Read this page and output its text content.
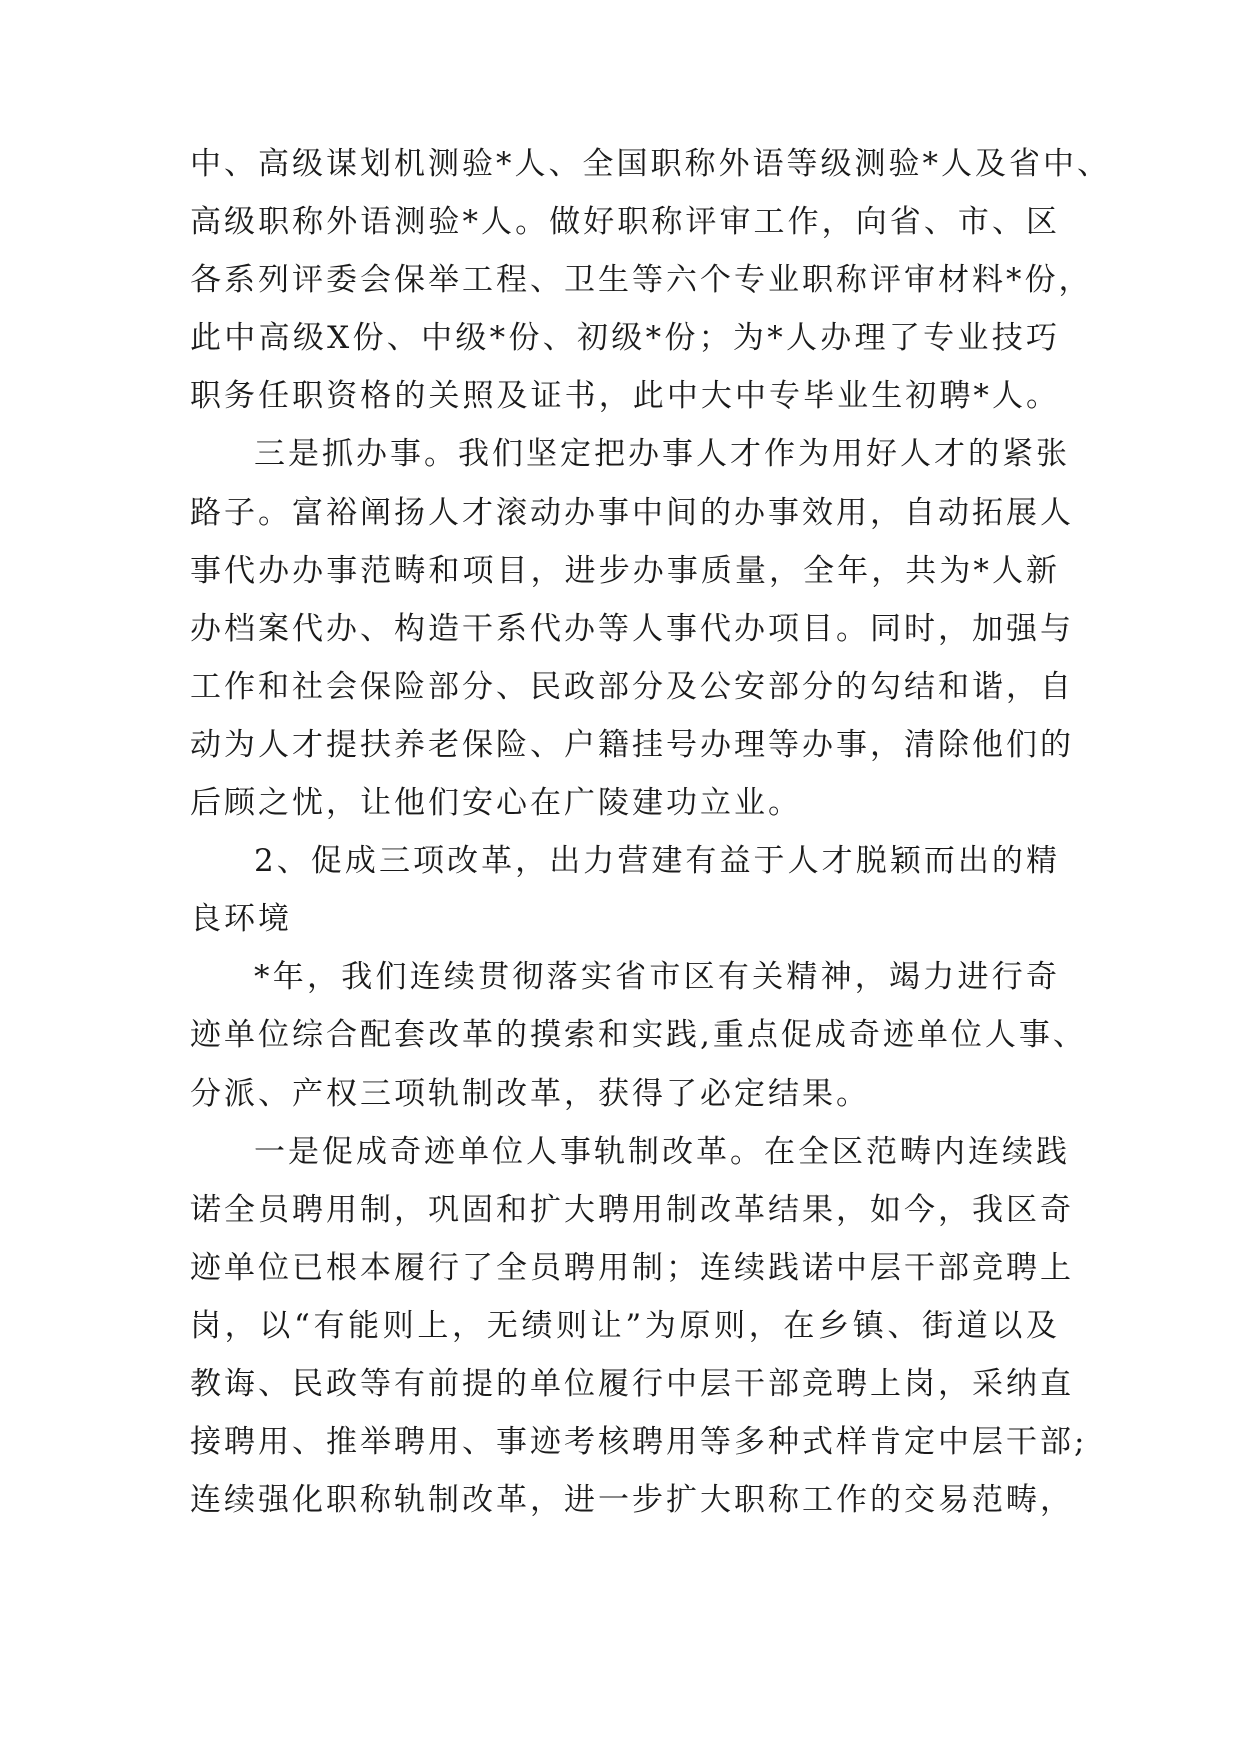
中、高级谋划机测验*人、全国职称外语等级测验*人及省中、
高级职称外语测验*人。做好职称评审工作，向省、市、区
各系列评委会保举工程、卫生等六个专业职称评审材料*份，
此中高级X份、中级*份、初级*份；为*人办理了专业技巧
职务任职资格的关照及证书，此中大中专毕业生初聘*人。
三是抓办事。我们坚定把办事人才作为用好人才的紧张
路子。富裕阐扬人才滚动办事中间的办事效用，自动拓展人
事代办办事范畴和项目，进步办事质量，全年，共为*人新
办档案代办、构造干系代办等人事代办项目。同时，加强与
工作和社会保险部分、民政部分及公安部分的勾结和谐，自
动为人才提扶养老保险、户籍挂号办理等办事，清除他们的
后顾之忧，让他们安心在广陵建功立业。
2、促成三项改革，出力营建有益于人才脱颖而出的精
良环境
*年，我们连续贯彻落实省市区有关精神，竭力进行奇
迹单位综合配套改革的摸索和实践,重点促成奇迹单位人事、
分派、产权三项轨制改革，获得了必定结果。
一是促成奇迹单位人事轨制改革。在全区范畴内连续践
诺全员聘用制，巩固和扩大聘用制改革结果，如今，我区奇
迹单位已根本履行了全员聘用制；连续践诺中层干部竞聘上
岗，以“有能则上，无绩则让”为原则，在乡镇、街道以及
教诲、民政等有前提的单位履行中层干部竞聘上岗，采纳直
接聘用、推举聘用、事迹考核聘用等多种式样肯定中层干部;
连续强化职称轨制改革，进一步扩大职称工作的交易范畴，
